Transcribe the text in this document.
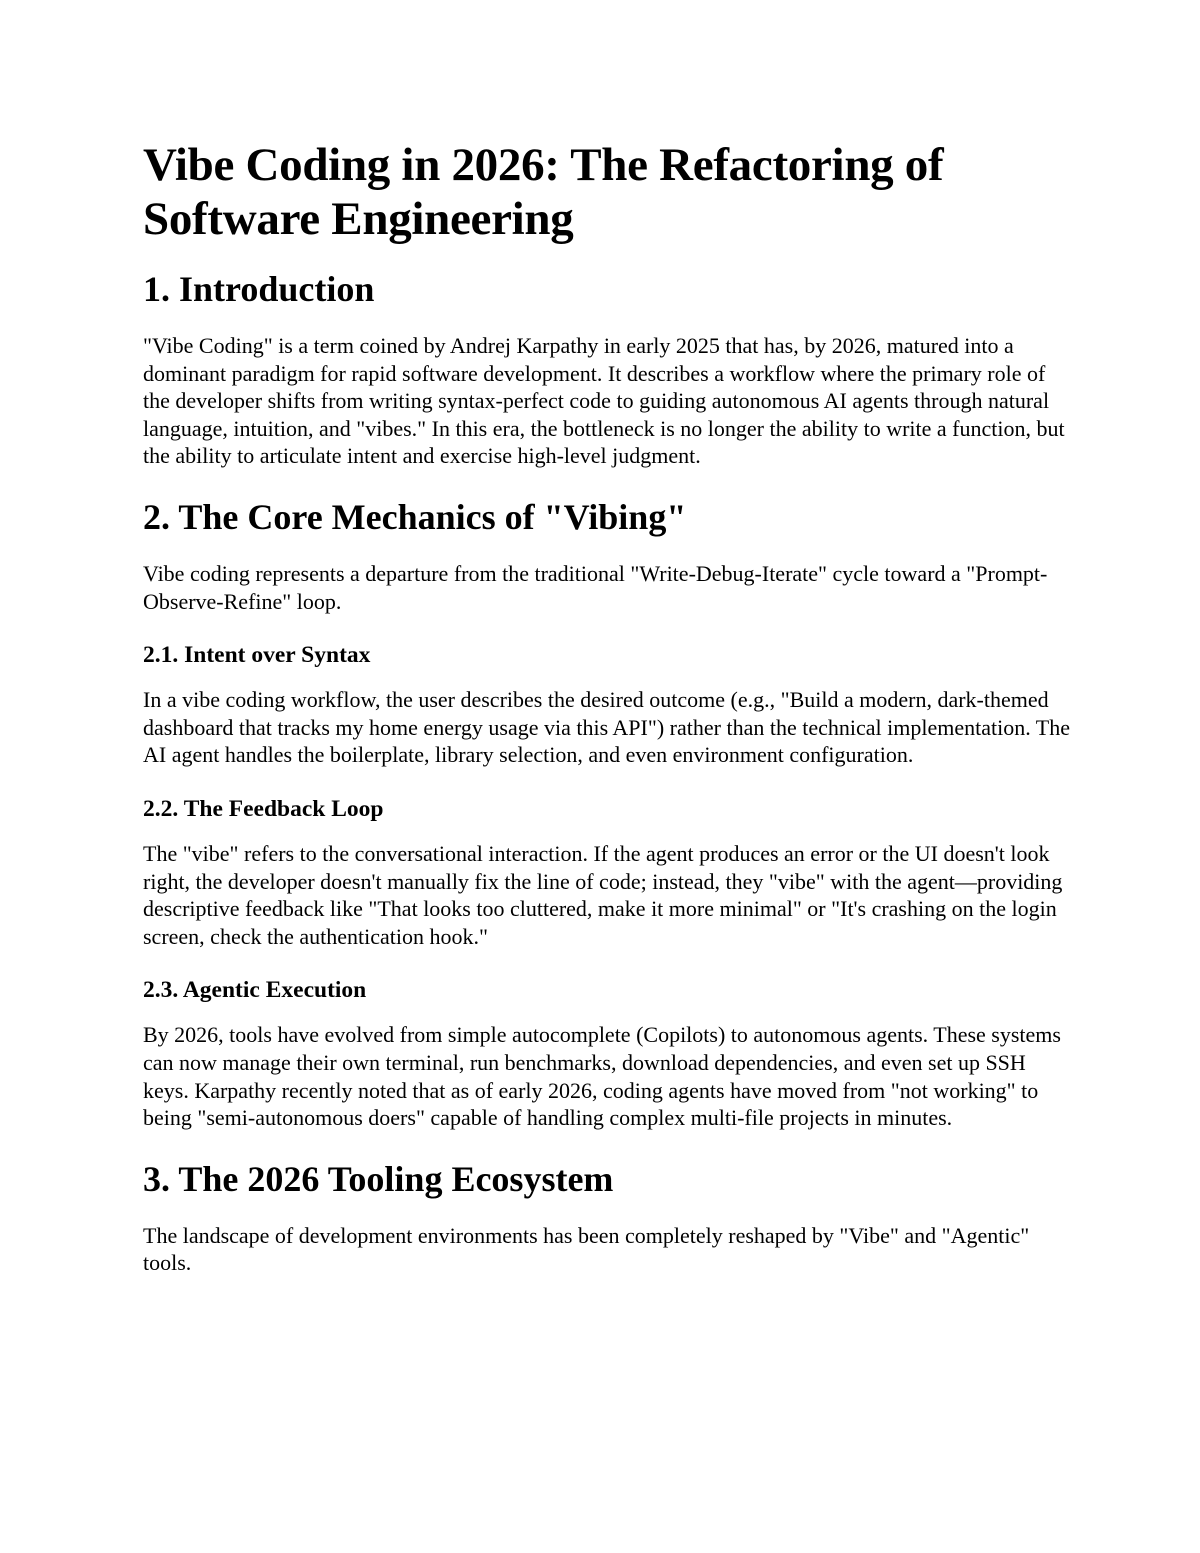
Vibe Coding in 2026: The Refactoring of Software Engineering
1. Introduction

"Vibe Coding" is a term coined by Andrej Karpathy in early 2025 that has, by 2026, matured into a dominant paradigm for rapid software development. It describes a workflow where the primary role of the developer shifts from writing syntax-perfect code to guiding autonomous AI agents through natural language, intuition, and "vibes." In this era, the bottleneck is no longer the ability to write a function, but the ability to articulate intent and exercise high-level judgment.

2. The Core Mechanics of "Vibing"

Vibe coding represents a departure from the traditional "Write-Debug-Iterate" cycle toward a "Prompt-Observe-Refine" loop.

2.1. Intent over Syntax

In a vibe coding workflow, the user describes the desired outcome (e.g., "Build a modern, dark-themed dashboard that tracks my home energy usage via this API") rather than the technical implementation. The AI agent handles the boilerplate, library selection, and even environment configuration.

2.2. The Feedback Loop

The "vibe" refers to the conversational interaction. If the agent produces an error or the UI doesn't look right, the developer doesn't manually fix the line of code; instead, they "vibe" with the agent—providing descriptive feedback like "That looks too cluttered, make it more minimal" or "It's crashing on the login screen, check the authentication hook."

2.3. Agentic Execution

By 2026, tools have evolved from simple autocomplete (Copilots) to autonomous agents. These systems can now manage their own terminal, run benchmarks, download dependencies, and even set up SSH keys. Karpathy recently noted that as of early 2026, coding agents have moved from "not working" to being "semi-autonomous doers" capable of handling complex multi-file projects in minutes.

3. The 2026 Tooling Ecosystem

The landscape of development environments has been completely reshaped by "Vibe" and "Agentic" tools.
